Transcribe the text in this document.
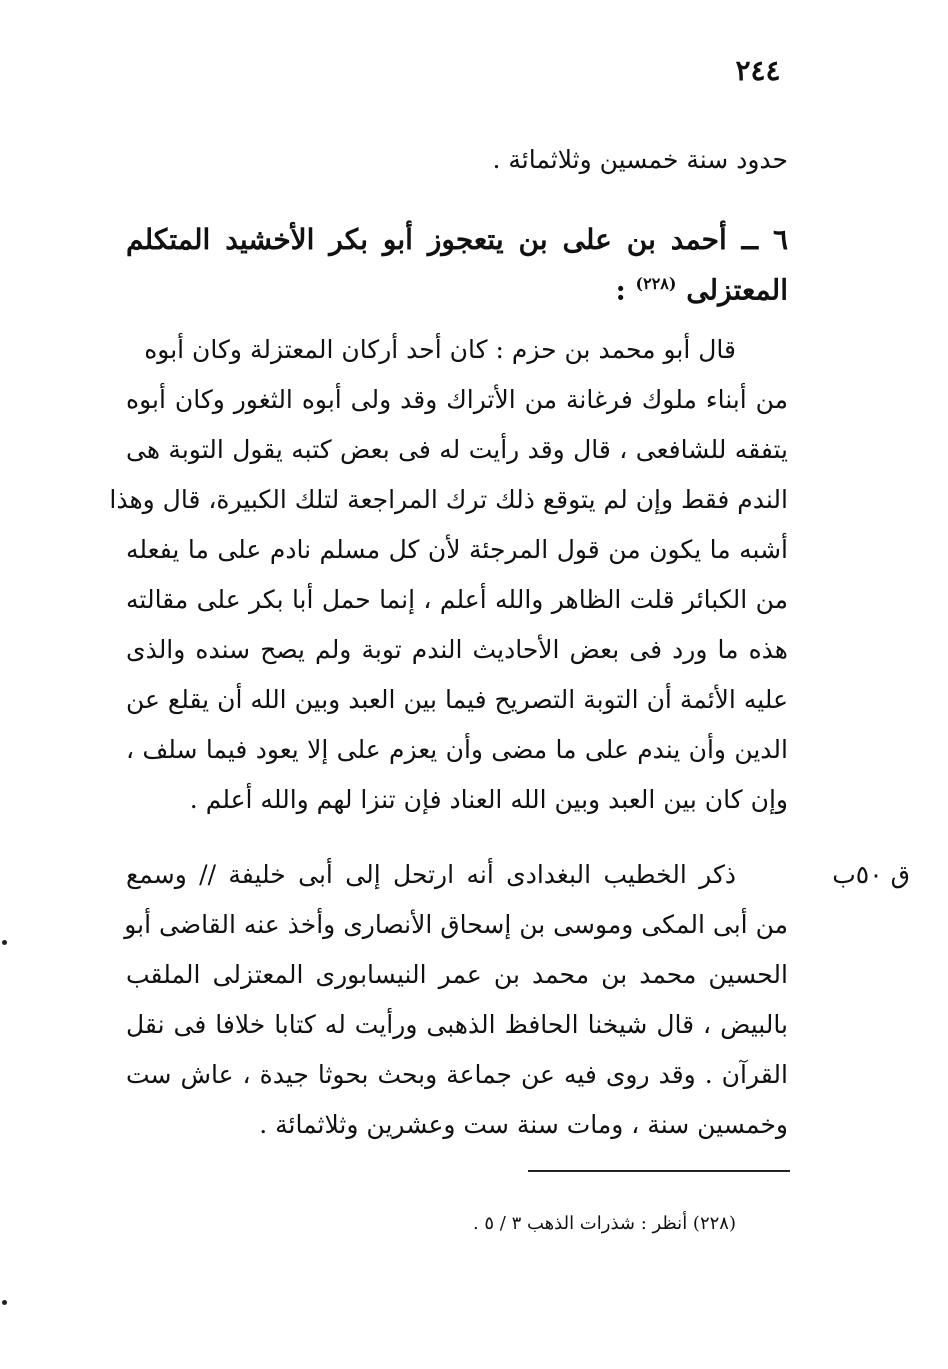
٢٤٤
حدود سنة خمسين وثلاثمائة .
٦ ــ أحمد بن على بن يتعجوز أبو بكر الأخشيد المتكلم
المعتزلى $^{(٢٢٨)}$ :
قال أبو محمد بن حزم : كان أحد أركان المعتزلة وكان أبوه
من أبناء ملوك فرغانة من الأتراك وقد ولى أبوه الثغور وكان أبوه
يتفقه للشافعى ، قال وقد رأيت له فى بعض كتبه يقول التوبة هى
الندم فقط وإن لم يتوقع ذلك ترك المراجعة لتلك الكبيرة، قال وهذا
أشبه ما يكون من قول المرجئة لأن كل مسلم نادم على ما يفعله
من الكبائر قلت الظاهر والله أعلم ، إنما حمل أبا بكر على مقالته
هذه ما ورد فى بعض الأحاديث الندم توبة ولم يصح سنده والذى
عليه الأئمة أن التوبة التصريح فيما بين العبد وبين الله أن يقلع عن
الدين وأن يندم على ما مضى وأن يعزم على إلا يعود فيما سلف ،
وإن كان بين العبد وبين الله العناد فإن تنزا لهم والله أعلم .
ق ٥٠ب
ذكر الخطيب البغدادى أنه ارتحل إلى أبى خليفة // وسمع
من أبى المكى وموسى بن إسحاق الأنصارى وأخذ عنه القاضى أبو
الحسين محمد بن محمد بن عمر النيسابورى المعتزلى الملقب
بالبيض ، قال شيخنا الحافظ الذهبى ورأيت له كتابا خلافا فى نقل
القرآن . وقد روى فيه عن جماعة وبحث بحوثا جيدة ، عاش ست
وخمسين سنة ، ومات سنة ست وعشرين وثلاثمائة .
(٢٢٨) أنظر : شذرات الذهب ٣ / ٥ .
